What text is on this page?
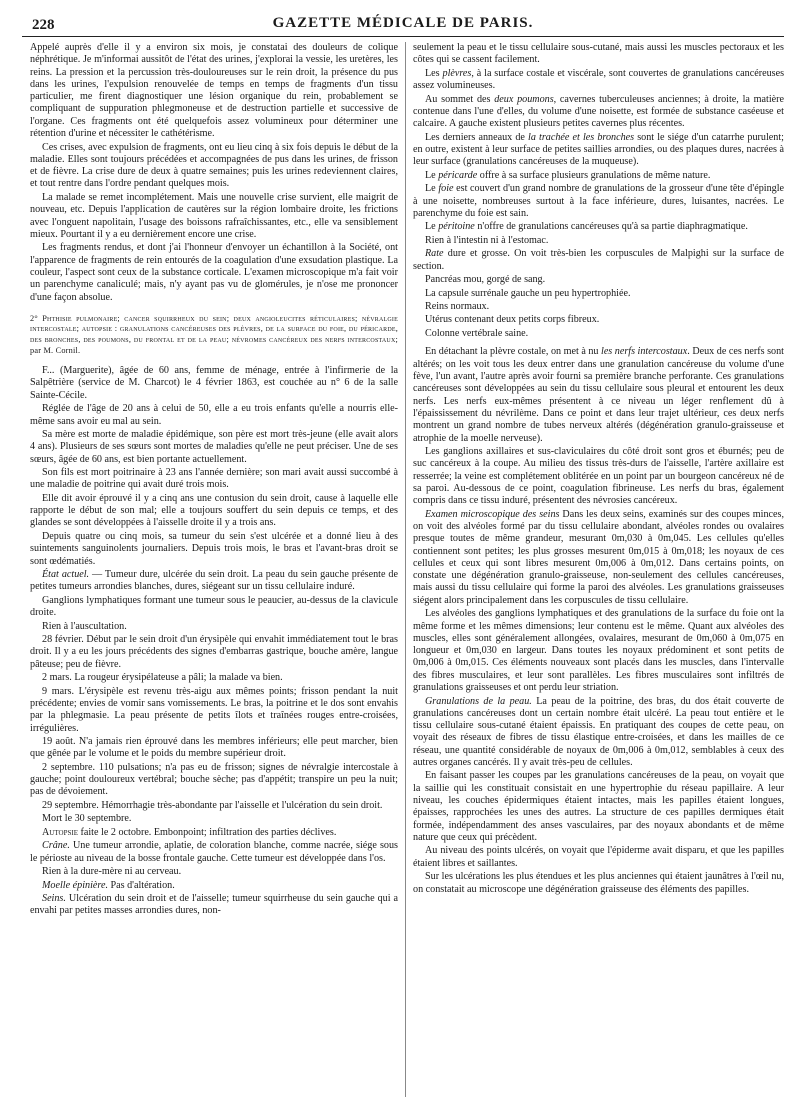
228	GAZETTE MÉDICALE DE PARIS.

Appelé auprès d'elle il y a environ six mois, je constatai des douleurs de colique néphrétique. Je m'informai aussitôt de l'état des urines, j'explorai la vessie, les uretères, les reins. La pression et la percussion très-douloureuses sur le rein droit, la présence du pus dans les urines, l'expulsion renouvelée de temps en temps de fragments d'un tissu particulier, me firent diagnostiquer une lésion organique du rein, probablement se compliquant de suppuration phlegmoneuse et de destruction partielle et successive de l'organe. Ces fragments ont été quelquefois assez volumineux pour déterminer une rétention d'urine et nécessiter le cathétérisme.

Ces crises, avec expulsion de fragments, ont eu lieu cinq à six fois depuis le début de la maladie. Elles sont toujours précédées et accompagnées de pus dans les urines, de frisson et de fièvre. La crise dure de deux à quatre semaines; puis les urines redeviennent claires, et tout rentre dans l'ordre pendant quelques mois.

La malade se remet incomplétement. Mais une nouvelle crise survient, elle maigrit de nouveau, etc. Depuis l'application de cautères sur la région lombaire droite, les frictions avec l'onguent napolitain, l'usage des boissons rafraîchissantes, etc., elle va sensiblement mieux. Pourtant il y a eu dernièrement encore une crise.

Les fragments rendus, et dont j'ai l'honneur d'envoyer un échantillon à la Société, ont l'apparence de fragments de rein entourés de la coagulation d'une exsudation plastique. La couleur, l'aspect sont ceux de la substance corticale. L'examen microscopique m'a fait voir un parenchyme canaliculé; mais, n'y ayant pas vu de glomérules, je n'ose me prononcer d'une façon absolue.

2° Phthisie pulmonaire; cancer squirrheux du sein; deux angioleucites réticulaires; névralgie intercostale; autopsie : granulations cancéreuses des plèvres, de la surface du foie, du péricarde, des bronches, des poumons, du frontal et de la peau; névromes cancéreux des nerfs intercostaux; par M. Cornil.

F... (Marguerite), âgée de 60 ans, femme de ménage, entrée à l'infirmerie de la Salpêtrière (service de M. Charcot) le 4 février 1863, est couchée au n° 6 de la salle Sainte-Cécile.

Réglée de l'âge de 20 ans à celui de 50, elle a eu trois enfants qu'elle a nourris elle-même sans avoir eu mal au sein.

Sa mère est morte de maladie épidémique, son père est mort très-jeune (elle avait alors 4 ans). Plusieurs de ses sœurs sont mortes de maladies qu'elle ne peut préciser. Une de ses sœurs, âgée de 60 ans, est bien portante actuellement.

Son fils est mort poitrinaire à 23 ans l'année dernière; son mari avait aussi succombé à une maladie de poitrine qui avait duré trois mois.

Elle dit avoir éprouvé il y a cinq ans une contusion du sein droit, cause à laquelle elle rapporte le début de son mal; elle a toujours souffert du sein depuis ce temps, et des glandes se sont développées à l'aisselle droite il y a trois ans.

Depuis quatre ou cinq mois, sa tumeur du sein s'est ulcérée et a donné lieu à des suintements sanguinolents journaliers. Depuis trois mois, le bras et l'avant-bras droit se sont œdématiés.

État actuel. — Tumeur dure, ulcérée du sein droit. La peau du sein gauche présente de petites tumeurs arrondies blanches, dures, siégeant sur un tissu cellulaire induré.

Ganglions lymphatiques formant une tumeur sous le peaucier, au-dessus de la clavicule droite.

Rien à l'auscultation.

28 février. Début par le sein droit d'un érysipèle qui envahit immédiatement tout le bras droit. Il y a eu les jours précédents des signes d'embarras gastrique, bouche amère, langue pâteuse; peu de fièvre.

2 mars. La rougeur érysipélateuse a pâli; la malade va bien.

9 mars. L'érysipèle est revenu très-aigu aux mêmes points; frisson pendant la nuit précédente; envies de vomir sans vomissements. Le bras, la poitrine et le dos sont envahis par la phlegmasie. La peau présente de petits îlots et traînées rouges entre-croisées, irrégulières.

19 août. N'a jamais rien éprouvé dans les membres inférieurs; elle peut marcher, bien que gênée par le volume et le poids du membre supérieur droit.

2 septembre. 110 pulsations; n'a pas eu de frisson; signes de névralgie intercostale à gauche; point douloureux vertébral; bouche sèche; pas d'appétit; transpire un peu la nuit; pas de dévoiement.

29 septembre. Hémorrhagie très-abondante par l'aisselle et l'ulcération du sein droit.

Mort le 30 septembre.

Autopsie faite le 2 octobre. Embonpoint; infiltration des parties déclives.

Crâne. Une tumeur arrondie, aplatie, de coloration blanche, comme nacrée, siége sous le périoste au niveau de la bosse frontale gauche. Cette tumeur est développée dans l'os.

Rien à la dure-mère ni au cerveau.

Moelle épinière. Pas d'altération.

Seins. Ulcération du sein droit et de l'aisselle; tumeur squirrheuse du sein gauche qui a envahi par petites masses arrondies dures, non-

seulement la peau et le tissu cellulaire sous-cutané, mais aussi les muscles pectoraux et les côtes qui se cassent facilement.

Les plèvres, à la surface costale et viscérale, sont couvertes de granulations cancéreuses assez volumineuses.

Au sommet des deux poumons, cavernes tuberculeuses anciennes; à droite, la matière contenue dans l'une d'elles, du volume d'une noisette, est formée de substance caséeuse et calcaire. A gauche existent plusieurs petites cavernes plus récentes.

Les derniers anneaux de la trachée et les bronches sont le siége d'un catarrhe purulent; en outre, existent à leur surface de petites saillies arrondies, ou des plaques dures, nacrées à leur surface (granulations cancéreuses de la muqueuse).

Le péricarde offre à sa surface plusieurs granulations de même nature.

Le foie est couvert d'un grand nombre de granulations de la grosseur d'une tête d'épingle à une noisette, nombreuses surtout à la face inférieure, dures, luisantes, nacrées. Le parenchyme du foie est sain.

Le péritoine n'offre de granulations cancéreuses qu'à sa partie diaphragmatique.

Rien à l'intestin ni à l'estomac.

Rate dure et grosse. On voit très-bien les corpuscules de Malpighi sur la surface de section.

Pancréas mou, gorgé de sang.

La capsule surrénale gauche un peu hypertrophiée.

Reins normaux.

Utérus contenant deux petits corps fibreux.

Colonne vertébrale saine.

En détachant la plèvre costale, on met à nu les nerfs intercostaux. Deux de ces nerfs sont altérés; on les voit tous les deux entrer dans une granulation cancéreuse du volume d'une fève, l'un avant, l'autre après avoir fourni sa première branche perforante. Ces granulations cancéreuses sont développées au sein du tissu cellulaire sous pleural et entourent les deux nerfs. Les nerfs eux-mêmes présentent à ce niveau un léger renflement dû à l'épaississement du névrilème. Dans ce point et dans leur trajet ultérieur, ces deux nerfs montrent un grand nombre de tubes nerveux altérés (dégénération granulo-graisseuse et atrophie de la moelle nerveuse).

Les ganglions axillaires et sus-claviculaires du côté droit sont gros et éburnés; peu de suc cancéreux à la coupe. Au milieu des tissus très-durs de l'aisselle, l'artère axillaire est resserrée; la veine est complétement oblitérée en un point par un bourgeon cancéreux né de sa paroi. Au-dessous de ce point, coagulation fibrineuse. Les nerfs du bras, également compris dans ce tissu induré, présentent des névrosies cancéreux.

Examen microscopique des seins Dans les deux seins, examinés sur des coupes minces, on voit des alvéoles formé par du tissu cellulaire abondant, alvéoles rondes ou ovalaires presque toutes de même grandeur, mesurant 0m,030 à 0m,045. Les cellules qu'elles contiennent sont petites; les plus grosses mesurent 0m,015 à 0m,018; les noyaux de ces cellules et ceux qui sont libres mesurent 0m,006 à 0m,012. Dans certains points, on constate une dégénération granulo-graisseuse, non-seulement des cellules cancéreuses, mais aussi du tissu cellulaire qui forme la paroi des alvéoles. Les granulations graisseuses siégent alors principalement dans les corpuscules de tissu cellulaire.

Les alvéoles des ganglions lymphatiques et des granulations de la surface du foie ont la même forme et les mêmes dimensions; leur contenu est le même. Quant aux alvéoles des muscles, elles sont généralement allongées, ovalaires, mesurant de 0m,060 à 0m,075 en longueur et 0m,030 en largeur. Dans toutes les noyaux prédominent et sont petits de 0m,006 à 0m,015. Ces éléments nouveaux sont placés dans les muscles, dans l'intervalle des fibres musculaires, et leur sont parallèles. Les fibres musculaires sont infiltrés de granulations graisseuses et ont perdu leur striation.

Granulations de la peau. La peau de la poitrine, des bras, du dos était couverte de granulations cancéreuses dont un certain nombre était ulcéré. La peau tout entière et le tissu cellulaire sous-cutané étaient épaissis. En pratiquant des coupes de cette peau, on voyait des réseaux de fibres de tissu élastique entre-croisées, et dans les mailles de ce réseau, une quantité considérable de noyaux de 0m,006 à 0m,012, semblables à ceux des autres organes cancérés. Il y avait très-peu de cellules.

En faisant passer les coupes par les granulations cancéreuses de la peau, on voyait que la saillie qui les constituait consistait en une hypertrophie du réseau papillaire. A leur niveau, les couches épidermiques étaient intactes, mais les papilles étaient longues, épaisses, rapprochées les unes des autres. La structure de ces papilles dermiques était formée, indépendamment des anses vasculaires, par des noyaux abondants et de même nature que ceux qui précèdent.

Au niveau des points ulcérés, on voyait que l'épiderme avait disparu, et que les papilles étaient libres et saillantes.

Sur les ulcérations les plus étendues et les plus anciennes qui étaient jaunâtres à l'œil nu, on constatait au microscope une dégénération graisseuse des éléments des papilles.
